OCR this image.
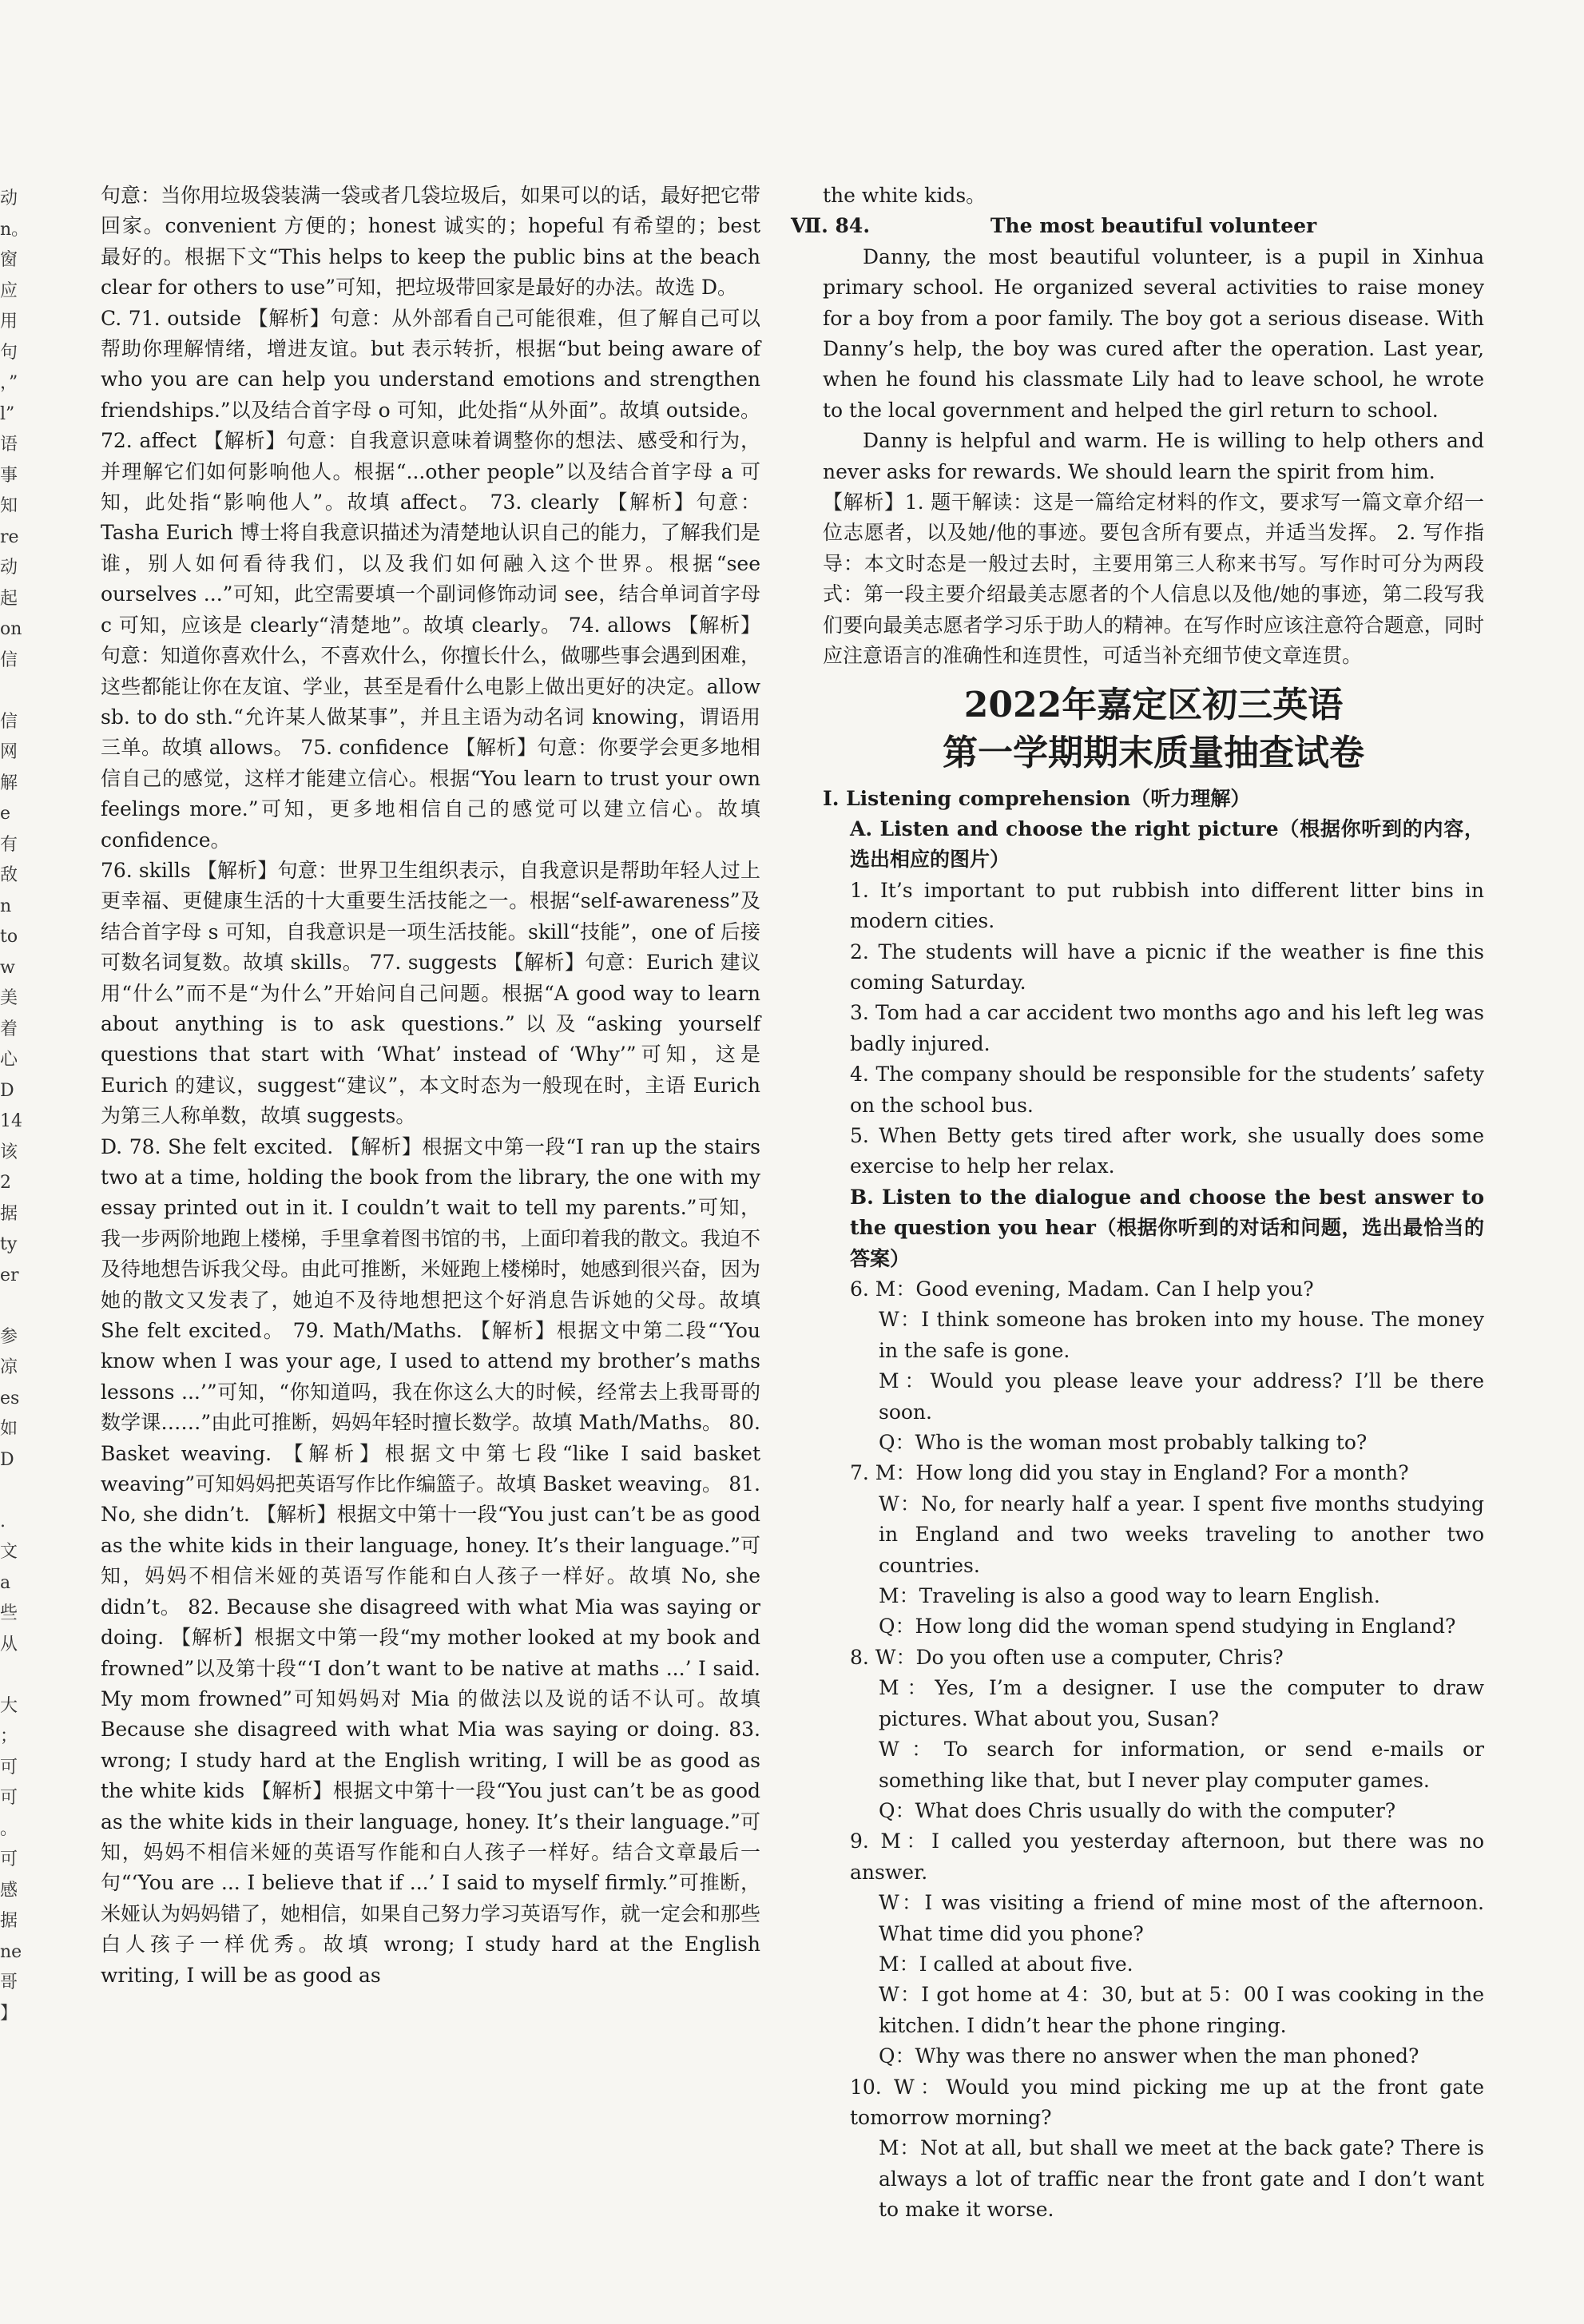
动
n。
窗
应
用
句
，”
l”
语
事
知
re
动
起
on
信
信
网
解
e
有
敌
n
to
w
美
着
心
D
14
该
2
据
ty
er
参
凉
es
如
D
.
文
a
些
从
大
；
可
可
。
可
感
据
ne
哥
】

句意：当你用垃圾袋装满一袋或者几袋垃圾后，如果可以的话，最好把它带回家。convenient 方便的；honest 诚实的；hopeful 有希望的；best 最好的。根据下文“This helps to keep the public bins at the beach clear for others to use”可知，把垃圾带回家是最好的办法。故选 D。

C. 71. outside 【解析】句意：从外部看自己可能很难，但了解自己可以帮助你理解情绪，增进友谊。but 表示转折，根据“but being aware of who you are can help you understand emotions and strengthen friendships.”以及结合首字母 o 可知，此处指“从外面”。故填 outside。 72. affect 【解析】句意：自我意识意味着调整你的想法、感受和行为，并理解它们如何影响他人。根据“...other people”以及结合首字母 a 可知，此处指“影响他人”。故填 affect。 73. clearly 【解析】句意：Tasha Eurich 博士将自我意识描述为清楚地认识自己的能力，了解我们是谁，别人如何看待我们，以及我们如何融入这个世界。根据“see ourselves ...”可知，此空需要填一个副词修饰动词 see，结合单词首字母 c 可知，应该是 clearly“清楚地”。故填 clearly。 74. allows 【解析】句意：知道你喜欢什么，不喜欢什么，你擅长什么，做哪些事会遇到困难，这些都能让你在友谊、学业，甚至是看什么电影上做出更好的决定。allow sb. to do sth.“允许某人做某事”，并且主语为动名词 knowing，谓语用三单。故填 allows。 75. confidence 【解析】句意：你要学会更多地相信自己的感觉，这样才能建立信心。根据“You learn to trust your own feelings more.”可知，更多地相信自己的感觉可以建立信心。故填 confidence。

76. skills 【解析】句意：世界卫生组织表示，自我意识是帮助年轻人过上更幸福、更健康生活的十大重要生活技能之一。根据“self-awareness”及结合首字母 s 可知，自我意识是一项生活技能。skill“技能”，one of 后接可数名词复数。故填 skills。 77. suggests 【解析】句意：Eurich 建议用“什么”而不是“为什么”开始问自己问题。根据“A good way to learn about anything is to ask questions.”以及“asking yourself questions that start with ‘What’ instead of ‘Why’”可知，这是 Eurich 的建议，suggest“建议”，本文时态为一般现在时，主语 Eurich 为第三人称单数，故填 suggests。

D. 78. She felt excited. 【解析】根据文中第一段“I ran up the stairs two at a time, holding the book from the library, the one with my essay printed out in it. I couldn’t wait to tell my parents.”可知，我一步两阶地跑上楼梯，手里拿着图书馆的书，上面印着我的散文。我迫不及待地想告诉我父母。由此可推断，米娅跑上楼梯时，她感到很兴奋，因为她的散文又发表了，她迫不及待地想把这个好消息告诉她的父母。故填 She felt excited。 79. Math/Maths. 【解析】根据文中第二段“‘You know when I was your age, I used to attend my brother’s maths lessons ...’”可知，“你知道吗，我在你这么大的时候，经常去上我哥哥的数学课……”由此可推断，妈妈年轻时擅长数学。故填 Math/Maths。 80. Basket weaving. 【解析】根据文中第七段“like I said basket weaving”可知妈妈把英语写作比作编篮子。故填 Basket weaving。 81. No, she didn’t. 【解析】根据文中第十一段“You just can’t be as good as the white kids in their language, honey. It’s their language.”可知，妈妈不相信米娅的英语写作能和白人孩子一样好。故填 No, she didn’t。 82. Because she disagreed with what Mia was saying or doing. 【解析】根据文中第一段“my mother looked at my book and frowned”以及第十段“‘I don’t want to be native at maths ...’ I said. My mom frowned”可知妈妈对 Mia 的做法以及说的话不认可。故填 Because she disagreed with what Mia was saying or doing. 83. wrong; I study hard at the English writing, I will be as good as the white kids 【解析】根据文中第十一段“You just can’t be as good as the white kids in their language, honey. It’s their language.”可知，妈妈不相信米娅的英语写作能和白人孩子一样好。结合文章最后一句“‘You are ... I believe that if ...’ I said to myself firmly.”可推断，米娅认为妈妈错了，她相信，如果自己努力学习英语写作，就一定会和那些白人孩子一样优秀。故填 wrong; I study hard at the English writing, I will be as good as

the white kids。

Ⅶ. 84.	The most beautiful volunteer

Danny, the most beautiful volunteer, is a pupil in Xinhua primary school. He organized several activities to raise money for a boy from a poor family. The boy got a serious disease. With Danny’s help, the boy was cured after the operation. Last year, when he found his classmate Lily had to leave school, he wrote to the local government and helped the girl return to school.

Danny is helpful and warm. He is willing to help others and never asks for rewards. We should learn the spirit from him.

【解析】1. 题干解读：这是一篇给定材料的作文，要求写一篇文章介绍一位志愿者，以及她/他的事迹。要包含所有要点，并适当发挥。 2. 写作指导：本文时态是一般过去时，主要用第三人称来书写。写作时可分为两段式：第一段主要介绍最美志愿者的个人信息以及他/她的事迹，第二段写我们要向最美志愿者学习乐于助人的精神。在写作时应该注意符合题意，同时应注意语言的准确性和连贯性，可适当补充细节使文章连贯。

2022年嘉定区初三英语
第一学期期末质量抽查试卷

Ⅰ. Listening comprehension（听力理解）

A. Listen and choose the right picture（根据你听到的内容，选出相应的图片）

1. It’s important to put rubbish into different litter bins in modern cities.

2. The students will have a picnic if the weather is fine this coming Saturday.

3. Tom had a car accident two months ago and his left leg was badly injured.

4. The company should be responsible for the students’ safety on the school bus.

5. When Betty gets tired after work, she usually does some exercise to help her relax.

B. Listen to the dialogue and choose the best answer to the question you hear（根据你听到的对话和问题，选出最恰当的答案）

6. M：Good evening, Madam. Can I help you?

W：I think someone has broken into my house. The money in the safe is gone.

M：Would you please leave your address? I’ll be there soon.

Q：Who is the woman most probably talking to?

7. M：How long did you stay in England? For a month?

W：No, for nearly half a year. I spent five months studying in England and two weeks traveling to another two countries.

M：Traveling is also a good way to learn English.

Q：How long did the woman spend studying in England?

8. W：Do you often use a computer, Chris?

M：Yes, I’m a designer. I use the computer to draw pictures. What about you, Susan?

W：To search for information, or send e-mails or something like that, but I never play computer games.

Q：What does Chris usually do with the computer?

9. M：I called you yesterday afternoon, but there was no answer.

W：I was visiting a friend of mine most of the afternoon. What time did you phone?

M：I called at about five.

W：I got home at 4：30, but at 5：00 I was cooking in the kitchen. I didn’t hear the phone ringing.

Q：Why was there no answer when the man phoned?

10. W：Would you mind picking me up at the front gate tomorrow morning?

M：Not at all, but shall we meet at the back gate? There is always a lot of traffic near the front gate and I don’t want to make it worse.
